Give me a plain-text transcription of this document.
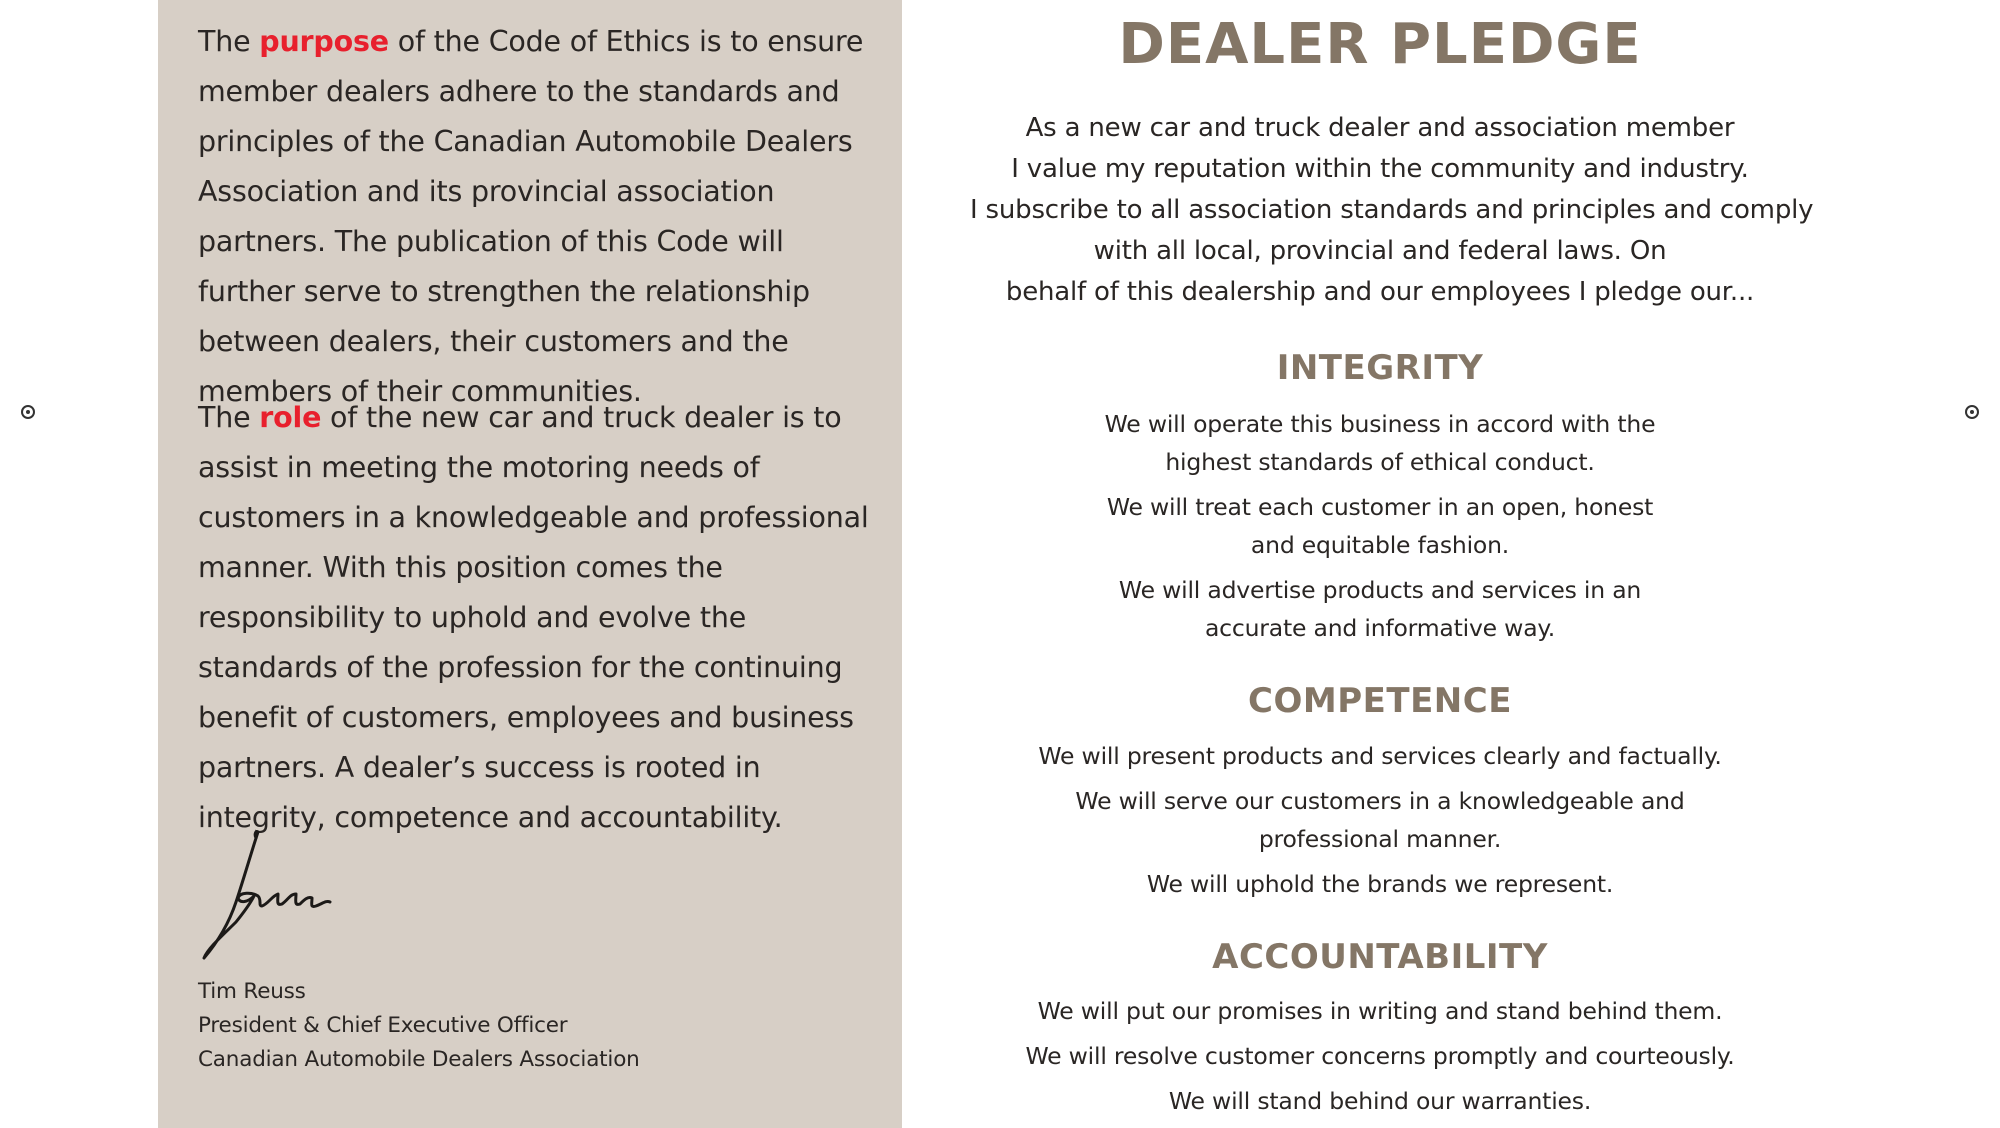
The purpose of the Code of Ethics is to ensure member dealers adhere to the standards and principles of the Canadian Automobile Dealers Association and its provincial association partners. The publication of this Code will further serve to strengthen the relationship between dealers, their customers and the members of their communities.

The role of the new car and truck dealer is to assist in meeting the motoring needs of customers in a knowledgeable and professional manner. With this position comes the responsibility to uphold and evolve the standards of the profession for the continuing benefit of customers, employees and business partners. A dealer’s success is rooted in integrity, competence and accountability.

Tim Reuss
President & Chief Executive Officer
Canadian Automobile Dealers Association
DEALER PLEDGE
As a new car and truck dealer and association member
I value my reputation within the community and industry.
I subscribe to all association standards and principles and comply
with all local, provincial and federal laws. On
behalf of this dealership and our employees I pledge our...
INTEGRITY
We will operate this business in accord with the
highest standards of ethical conduct.
We will treat each customer in an open, honest
and equitable fashion.
We will advertise products and services in an
accurate and informative way.
COMPETENCE
We will present products and services clearly and factually.
We will serve our customers in a knowledgeable and
professional manner.
We will uphold the brands we represent.
ACCOUNTABILITY
We will put our promises in writing and stand behind them.
We will resolve customer concerns promptly and courteously.
We will stand behind our warranties.
